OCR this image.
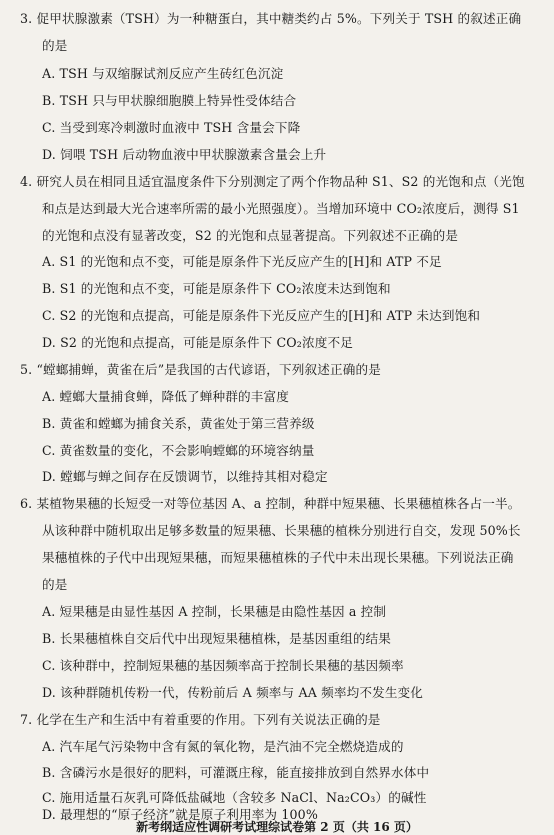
3. 促甲状腺激素（TSH）为一种糖蛋白，其中糖类约占 5%。下列关于 TSH 的叙述正确
的是
A. TSH 与双缩脲试剂反应产生砖红色沉淀
B. TSH 只与甲状腺细胞膜上特异性受体结合
C. 当受到寒冷刺激时血液中 TSH 含量会下降
D. 饲喂 TSH 后动物血液中甲状腺激素含量会上升
4. 研究人员在相同且适宜温度条件下分别测定了两个作物品种 S1、S2 的光饱和点（光饱
和点是达到最大光合速率所需的最小光照强度）。当增加环境中 CO₂浓度后，测得 S1
的光饱和点没有显著改变，S2 的光饱和点显著提高。下列叙述不正确的是
A. S1 的光饱和点不变，可能是原条件下光反应产生的[H]和 ATP 不足
B. S1 的光饱和点不变，可能是原条件下 CO₂浓度未达到饱和
C. S2 的光饱和点提高，可能是原条件下光反应产生的[H]和 ATP 未达到饱和
D. S2 的光饱和点提高，可能是原条件下 CO₂浓度不足
5. “螳螂捕蝉，黄雀在后”是我国的古代谚语，下列叙述正确的是
A. 螳螂大量捕食蝉，降低了蝉种群的丰富度
B. 黄雀和螳螂为捕食关系，黄雀处于第三营养级
C. 黄雀数量的变化，不会影响螳螂的环境容纳量
D. 螳螂与蝉之间存在反馈调节，以维持其相对稳定
6. 某植物果穗的长短受一对等位基因 A、a 控制，种群中短果穗、长果穗植株各占一半。
从该种群中随机取出足够多数量的短果穗、长果穗的植株分别进行自交，发现 50%长
果穗植株的子代中出现短果穗，而短果穗植株的子代中未出现长果穗。下列说法正确
的是
A. 短果穗是由显性基因 A 控制，长果穗是由隐性基因 a 控制
B. 长果穗植株自交后代中出现短果穗植株，是基因重组的结果
C. 该种群中，控制短果穗的基因频率高于控制长果穗的基因频率
D. 该种群随机传粉一代，传粉前后 A 频率与 AA 频率均不发生变化
7. 化学在生产和生活中有着重要的作用。下列有关说法正确的是
A. 汽车尾气污染物中含有氮的氧化物，是汽油不完全燃烧造成的
B. 含磷污水是很好的肥料，可灌溉庄稼，能直接排放到自然界水体中
C. 施用适量石灰乳可降低盐碱地（含较多 NaCl、Na₂CO₃）的碱性
D. 最理想的“原子经济”就是原子利用率为 100%
新考纲适应性调研考试理综试卷第 2 页（共 16 页）
